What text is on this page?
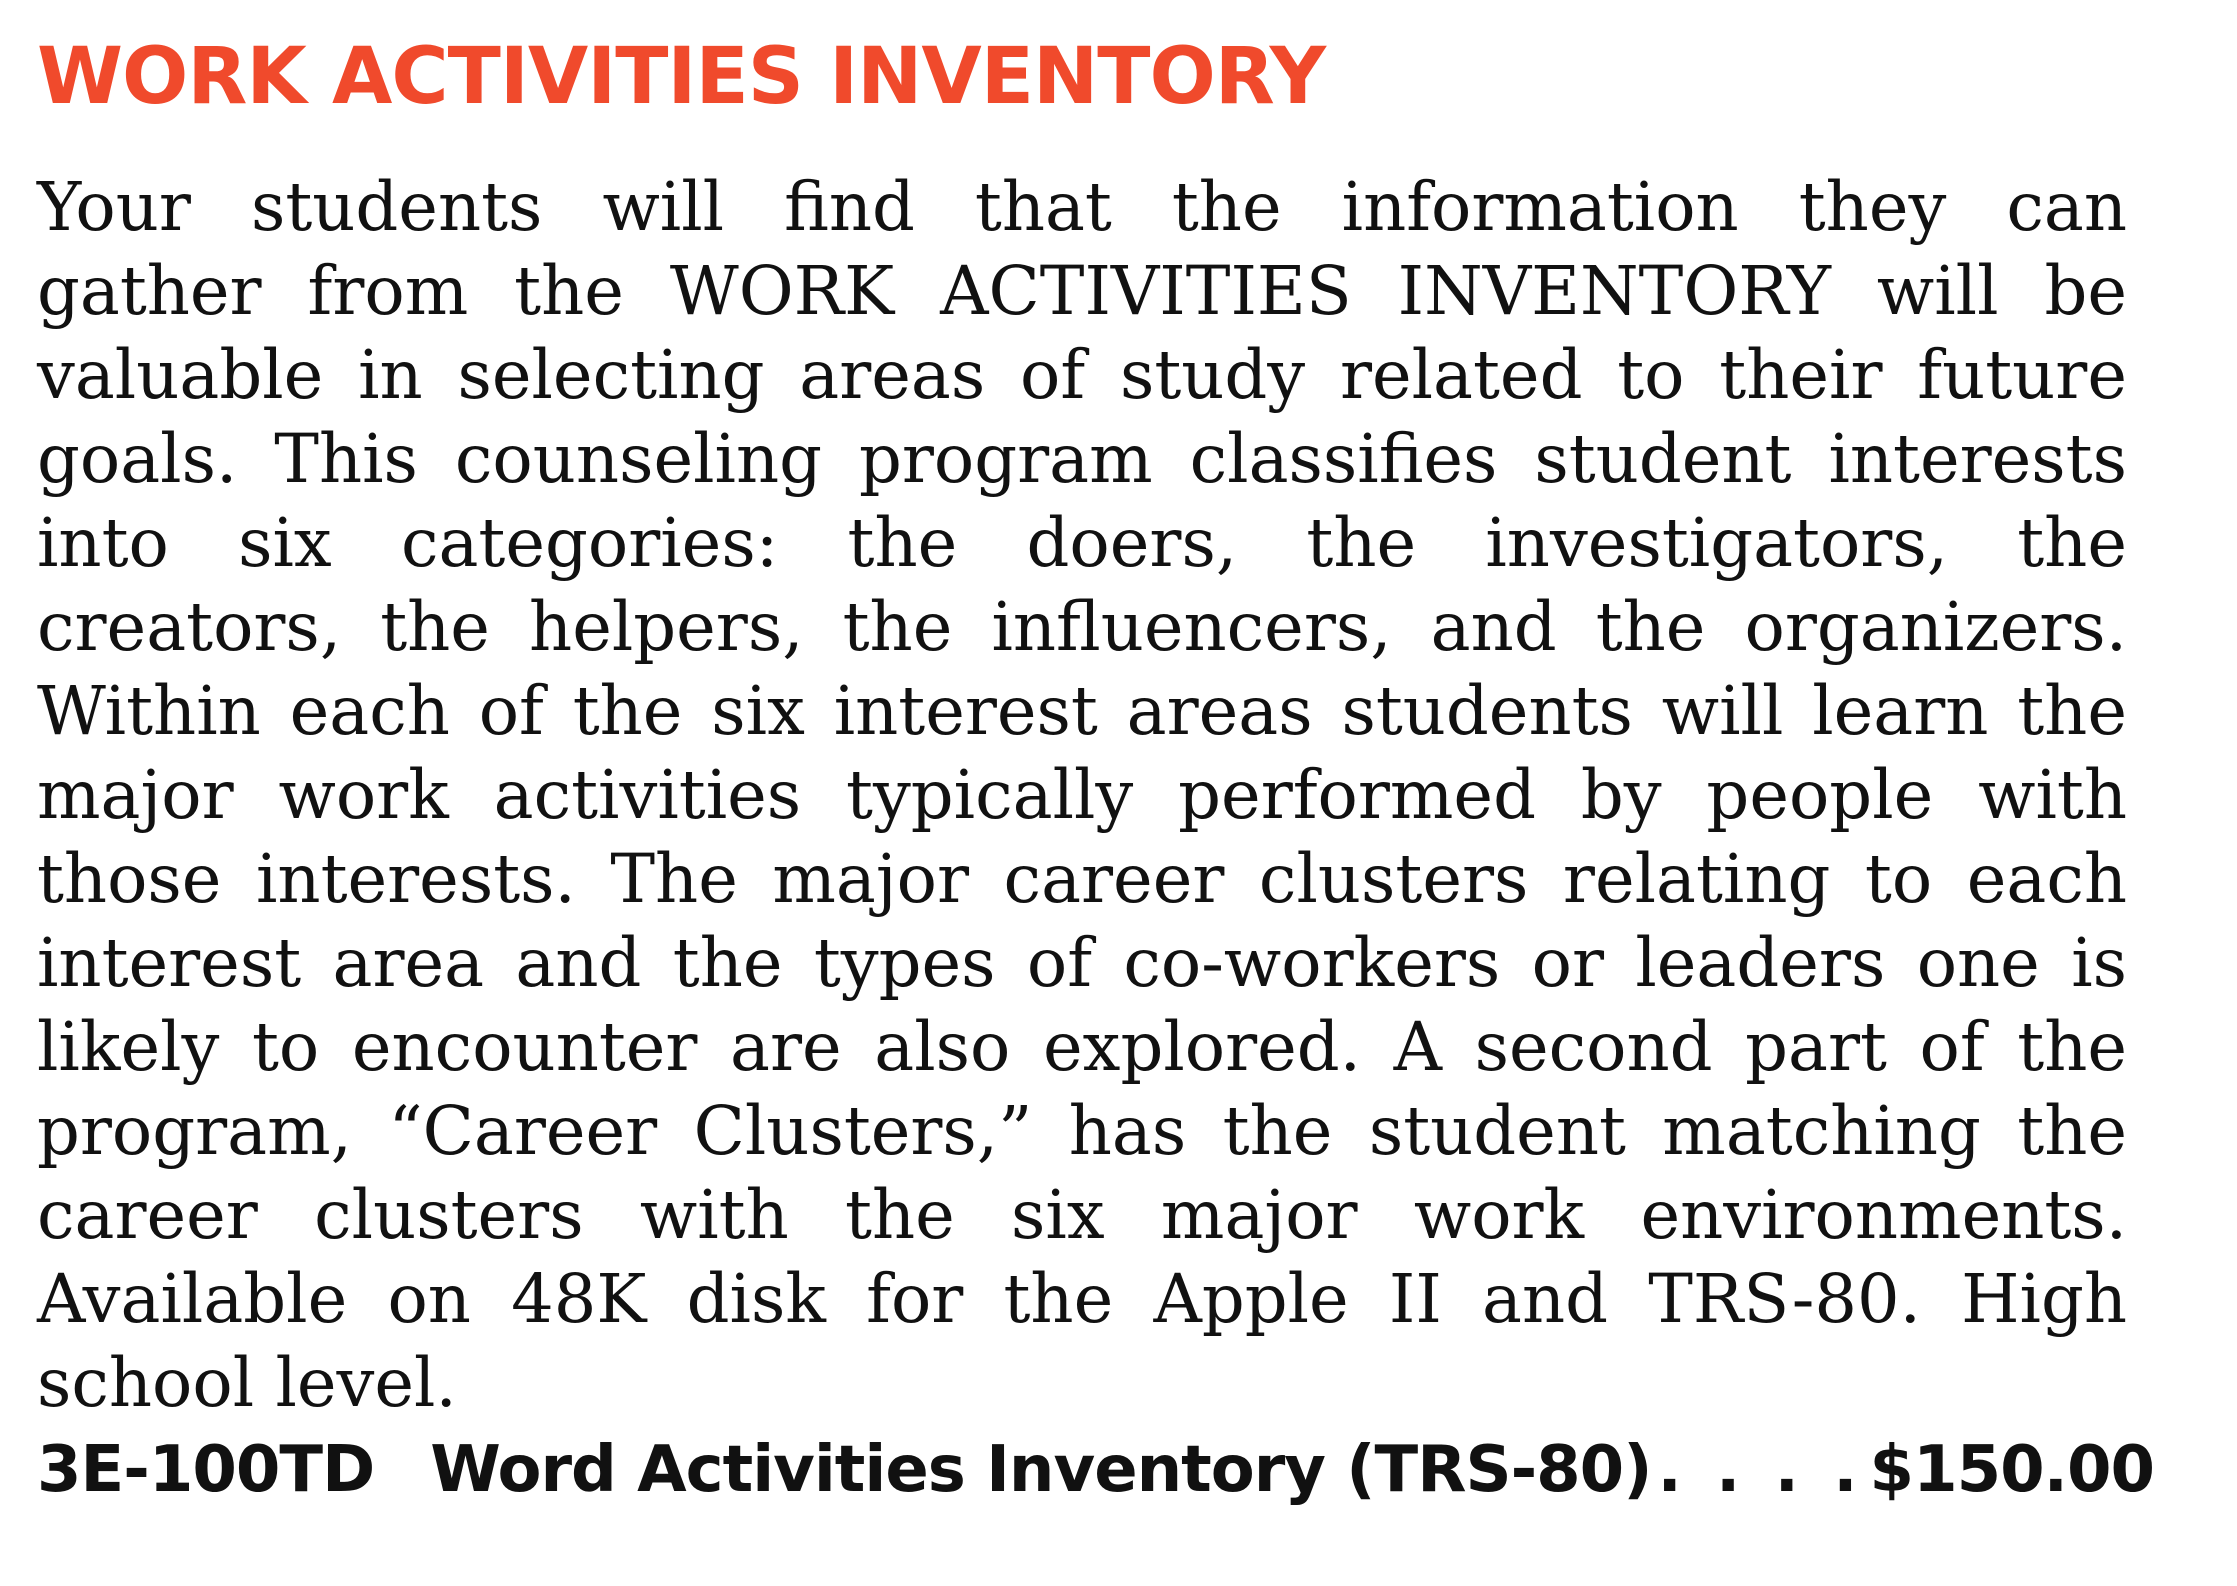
WORK ACTIVITIES INVENTORY
Your students will find that the information they can
gather from the WORK ACTIVITIES INVENTORY will be
valuable in selecting areas of study related to their future
goals. This counseling program classifies student interests
into six categories: the doers, the investigators, the
creators, the helpers, the influencers, and the organizers.
Within each of the six interest areas students will learn the
major work activities typically performed by people with
those interests. The major career clusters relating to each
interest area and the types of co-workers or leaders one is
likely to encounter are also explored. A second part of the
program, “Career Clusters,” has the student matching the
career clusters with the six major work environments.
Available on 48K disk for the Apple II and TRS-80. High
school level.
3E-100TD Word Activities Inventory (TRS-80) . . . . $150.00
